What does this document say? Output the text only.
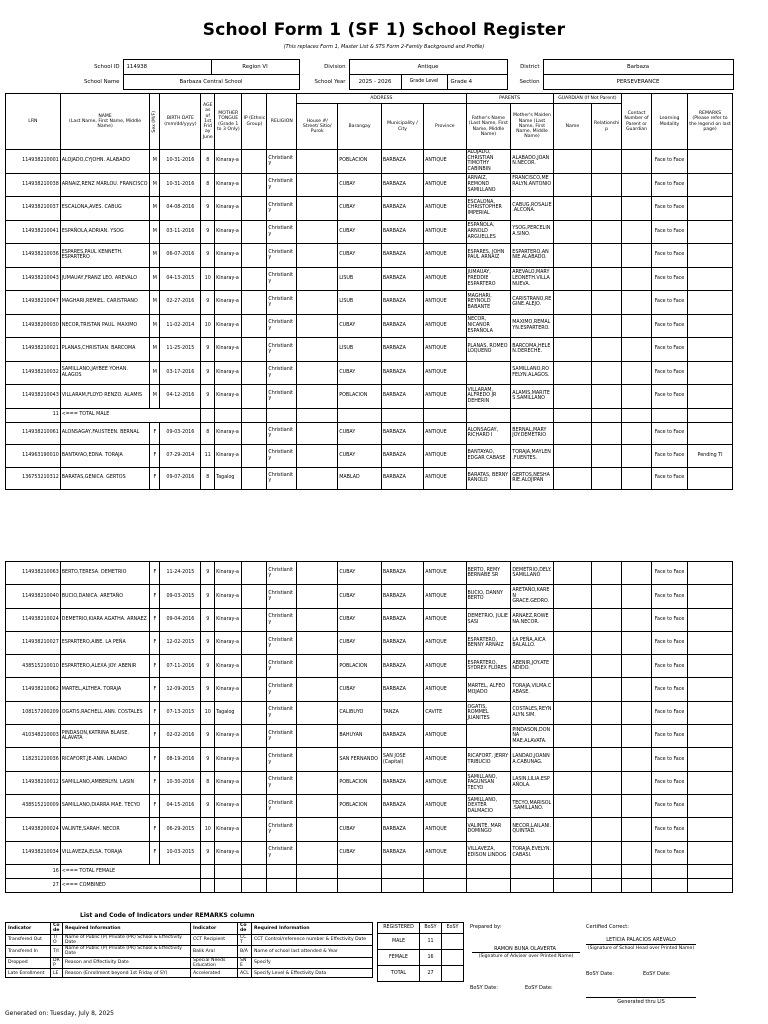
School Form 1 (SF 1) School Register
(This replaces Form 1, Master List & STS Form 2-Family Background and Profile)
School ID	114938	Region VI	Division	Antique			District	Barbaza
School Name	Barbaza Central School		School Year	2025 - 2026	Grade Level	Grade 4	Section	PERSEVERANCE
LRN	NAME
(Last Name, First Name, Middle Name)	Sex (M/F)	BIRTH DATE (mm/dd/yyyy)	AGE as of 1st Friday June	MOTHER TONGUE (Grade 1 to 3 Only)	IP (Ethnic Group)	RELIGION	ADDRESS				PARENTS		GUARDIAN (If Not Parent)		Contact Number of Parent or Guardian	Learning Modality	REMARKS
(Please refer to the legend on last page)
								House #/ Street/ Sitio/ Purok	Barangay	Municipality / City	Province	Father's Name (Last Name, First Name, Middle Name)	Mother's Maiden Name (Last Name, First Name, Middle Name)	Name	Relationship			
114938210001	ALOJADO,CYJOHN. ALABADO	M	10-31-2016	8	Kinaray-a		Christianity		POBLACION	BARBAZA	ANTIQUE	ALOJADO, CHRISTIAN TIMOTHY CABINBIN	ALABADO,JOANN.NECOR.				Face to Face	
114938210038	ARNAIZ,RENZ MARLOU. FRANCISCO	M	10-31-2016	8	Kinaray-a		Christianity		CUBAY	BARBAZA	ANTIQUE	ARNAIZ, REMOND SAMILLANO	FRANCISCO,MERALYN.ANTONIO.				Face to Face	
114938210037	ESCALONA,AVES. CABUG	M	04-08-2016	9	Kinaray-a		Christianity		CUBAY	BARBAZA	ANTIQUE	ESCALONA, CHRISTOPHER IMPERIAL	CABUG,ROSALIE.ALCONA.				Face to Face	
114938210041	ESPAÑOLA,ADRIAN. YSOG	M	03-11-2016	9	Kinaray-a		Christianity		CUBAY	BARBAZA	ANTIQUE	ESPAÑOLA, ARNOLD ARGUELLES	YSOG,PERCELINA.SINO.				Face to Face	
114938210036	ESPARES,PAUL KENNETH. ESPARTERO	M	06-07-2016	9	Kinaray-a		Christianity		CUBAY	BARBAZA	ANTIQUE	ESPARES, JOHN PAUL ARNAIZ	ESPARTERO,ANNIE.ALABADO.				Face to Face	
114938210043	JUMAUAY,FRANZ LEO. AREVALO	M	04-13-2015	10	Kinaray-a		Christianity		LISUB	BARBAZA	ANTIQUE	JUMAUAY, FREDDIE ESPARTERO	AREVALO,MARY LEONETH.VILLANUEVA.				Face to Face	
114938210047	MAGHARI,REMIEL. CARISTRANO	M	02-27-2016	9	Kinaray-a		Christianity		LISUB	BARBAZA	ANTIQUE	MAGHARI, REYNOLD BABANTE	CARISTRANO,REGINE.ALEJO.				Face to Face	
114938200030	NECOR,TRISTAN PAUL. MAXIMO	M	11-02-2014	10	Kinaray-a		Christianity		CUBAY	BARBAZA	ANTIQUE	NECOR, NICANOR ESPAÑOLA	MAXIMO,REMALYN.ESPARTERO.				Face to Face	
114938210021	PLANAS,CHRISTIAN. BARCOMA	M	11-25-2015	9	Kinaray-a		Christianity		LISUB	BARBAZA	ANTIQUE	PLANAS, ROMEO LOQUENO	BARCOMA,HELEN.DERECHE.				Face to Face	
114938210032	SAMILLANO,JAYBEE YOHAN. ALAGOS	M	03-17-2016	9	Kinaray-a		Christianity		CUBAY	BARBAZA	ANTIQUE		SAMILLANO,ROFELYN.ALAGOS.				Face to Face	
114938210043	VILLARAM,FLOYD RENZO. ALAMIS	M	04-12-2016	9	Kinaray-a		Christianity		POBLACION	BARBAZA	ANTIQUE	VILLARAM, ALFREDO JR DEHERIN	ALAMIS,MARITES.SAMILLANO				Face to Face	
11	<=== TOTAL MALE																	
114938210061	ALONSAGAY,FAUSTEEN. BERNAL	F	09-03-2016	8	Kinaray-a		Christianity		CUBAY	BARBAZA	ANTIQUE	ALONSAGAY, RICHARD I	BERNAL,MARY JOY.DEMETRIO				Face to Face	
114963190010	BANTAYAO,EDNA. TORAJA	F	07-29-2014	11	Kinaray-a		Christianity		CUBAY	BARBAZA	ANTIQUE	BANTAYAO, EDGAR CABASE	TORAJA,MAYLEN.FUENTES.				Face to Face	Pending TI
136753210312	BARATAS,GENICA. GERTOS	F	09-07-2016	8	Tagalog		Christianity		MABLAD	BARBAZA	ANTIQUE	BARATAS, BERNY RANOLO	GERTOS,NESHARIE.ALOJIPAN				Face to Face	
114938210063	BERTO,TERESA. DEMETRIO	F	11-24-2015	9	Kinaray-a		Christianity		CUBAY	BARBAZA	ANTIQUE	BERTO, REMY BERNABE SR	DEMETRIO,DELY.SAMILLANO				Face to Face	
114938210040	BUCIO,DANICA. ARETAÑO	F	09-03-2015	9	Kinaray-a		Christianity		CUBAY	BARBAZA	ANTIQUE	BUCIO, DANNY BERTO	ARETAÑO,KAREN GRACE.GEDRO.				Face to Face	
114938210024	DEMETRIO,KIARA AGATHA. ARNAEZ	F	09-04-2016	9	Kinaray-a		Christianity		CUBAY	BARBAZA	ANTIQUE	DEMETRIO, JULIE SASI	ARNAEZ,ROWENA.NECOR.				Face to Face	
114938210027	ESPARTERO,AIBE. LA PEÑA	F	12-02-2015	9	Kinaray-a		Christianity		CUBAY	BARBAZA	ANTIQUE	ESPARTERO, BENNY ARNAIZ	LA PEÑA,AICA BALALLO.				Face to Face	
438515210010	ESPARTERO,ALEXA JOY. ABENIR	F	07-11-2016	9	Kinaray-a		Christianity		POBLACION	BARBAZA	ANTIQUE	ESPARTERO, SYDREX FLORES	ABENIR,JOY.ATENDIDO.				Face to Face	
114938210062	MARTEL,ALTHEA. TORAJA	F	12-09-2015	9	Kinaray-a		Christianity		CUBAY	BARBAZA	ANTIQUE	MARTEL, ALFEO MOJADO	TORAJA,VILMA.CABASE.				Face to Face	
108157200209	OGATIS,RACHELL ANN. COSTALES	F	07-13-2015	10	Tagalog		Christianity		CALIBUYO	TANZA	CAVITE	OGATIS, ROMMEL JUANITES	COSTALES,REYNALYN.SIM.				Face to Face	
410348210003	PINDASON,KATRINA BLAISE. ALAVATA	F	02-02-2016	9	Kinaray-a		Christianity		BAHUYAN	BARBAZA	ANTIQUE		PINDASON,DONNA MAE.ALAVATA.				Face to Face	
118231210036	RICAFORT,JE-ANN. LANDAO	F	08-19-2016	9	Kinaray-a		Christianity		SAN FERNANDO	SAN JOSE (Capital)	ANTIQUE	RICAFORT, JERRY TRIBUCIO	LANDAO,JOANNA.CABUNAG.				Face to Face	
114938210012	SAMILLANO,AMBERLYN. LASIN	F	10-30-2016	8	Kinaray-a		Christianity		POBLACION	BARBAZA	ANTIQUE	SAMILLANO, PAGUNSAN TECYO	LASIN,LILIA.ESPAÑOLA.				Face to Face	
438515210009	SAMILLANO,DIARRA MAE. TECYO	F	04-15-2016	9	Kinaray-a		Christianity		POBLACION	BARBAZA	ANTIQUE	SAMILLANO, DEXTER DALMACIO	TECYO,MARISOL.SAMILLANO.				Face to Face	
114938200024	VALINTE,SARAH. NECOR	F	06-29-2015	10	Kinaray-a		Christianity		CUBAY	BARBAZA	ANTIQUE	VALINTE, MAR DOMINGO	NECOR,LAILANI.QUINTAD.				Face to Face	
114938210034	VILLAVEZA,ELSA. TORAJA	F	10-03-2015	9	Kinaray-a		Christianity		CUBAY	BARBAZA	ANTIQUE	VILLAVEZA, EDISON LINDOG	TORAJA,EVELYN.CABASI.				Face to Face	
16	<=== TOTAL FEMALE																	
27	<=== COMBINED																	
List and Code of Indicators under REMARKS column
Indicator	Code	Required Information	Indicator	Code	Required Information
Transfered Out	T/O	Name of Public (P) Private (PR) School & Effectivity Date	CCT Recipient	CCT	CCT Control/reference number & Effectivity Date
Transfered In	T/I	Name of Public (P) Private (PR) School & Effectivity Date	Balik Aral	B/A	Name of school last attended & Year
Dropped	DRP	Reason and Effectivity Date	Special Needs Education	SNE	Specify
Late Enrollment	LE	Reason (Enrollment beyond 1st Friday of SY)	Accelerated	ACL	Specify Level & Effectivity Data
REGISTERED	BoSY	EoSY
MALE	11	
FEMALE	16	
TOTAL	27	
Prepared by:
RAMON BUNA OLAVERTA
(Signature of Adviser over Printed Name)
BoSY Date:	EoSY Date:
Certified Correct:
LETICIA PALACIOS AREVALO
(Signature of School Head over Printed Name)
BoSY Date:	EoSY Date:
Generated thru LIS
Generated on: Tuesday, July 8, 2025
